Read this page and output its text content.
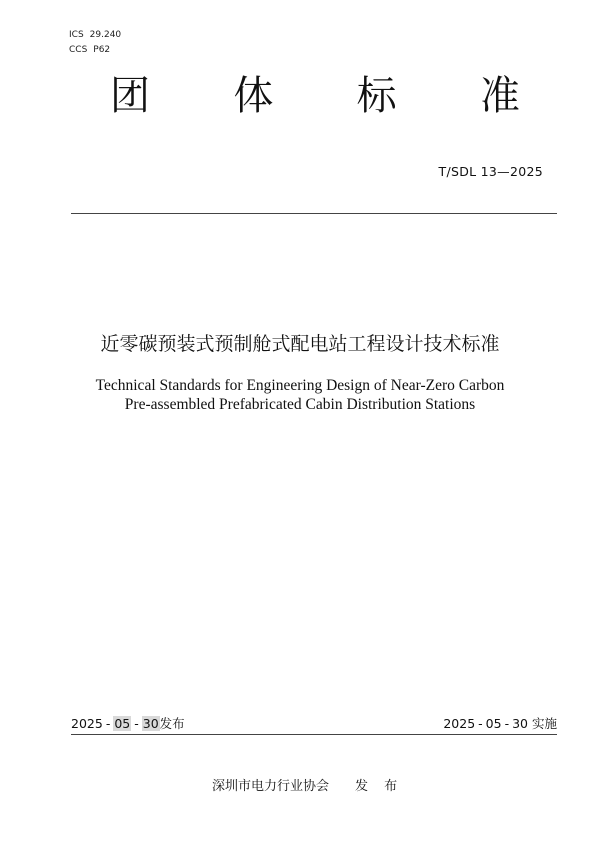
ICS 29.240
CCS P62
团 体 标 准
T/SDL 13—2025
近零碳预装式预制舱式配电站工程设计技术标准
Technical Standards for Engineering Design of Near-Zero Carbon
Pre-assembled Prefabricated Cabin Distribution Stations
2025 - 05 - 30发布	2025 - 05 - 30 实施
深圳市电力行业协会 发 布
